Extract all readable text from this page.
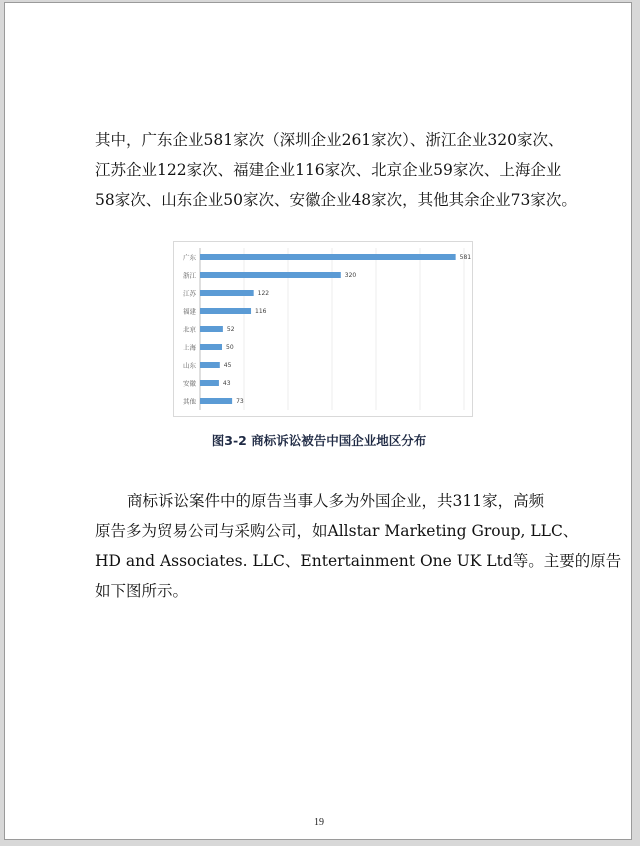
其中，广东企业581家次（深圳企业261家次）、浙江企业320家次、
江苏企业122家次、福建企业116家次、北京企业59家次、上海企业
58家次、山东企业50家次、安徽企业48家次，其他其余企业73家次。

广东	581
浙江	320
江苏	122
福建	116
北京	52
上海	50
山东	45
安徽	43
其他	73
图3-2 商标诉讼被告中国企业地区分布

商标诉讼案件中的原告当事人多为外国企业，共311家，高频
原告多为贸易公司与采购公司，如Allstar Marketing Group, LLC、
HD and Associates. LLC、Entertainment One UK Ltd等。主要的原告
如下图所示。

19
